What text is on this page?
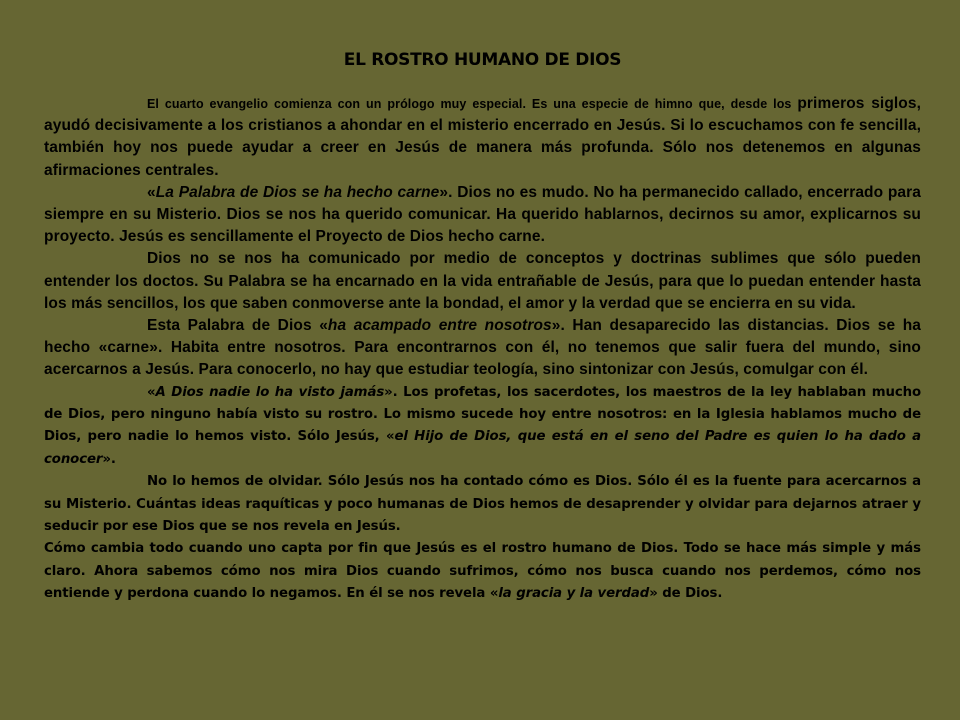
EL ROSTRO HUMANO DE DIOS

El cuarto evangelio comienza con un prólogo muy especial. Es una especie de himno que, desde los primeros siglos, ayudó decisivamente a los cristianos a ahondar en el misterio encerrado en Jesús. Si lo escuchamos con fe sencilla, también hoy nos puede ayudar a creer en Jesús de manera más profunda. Sólo nos detenemos en algunas afirmaciones centrales.

«La Palabra de Dios se ha hecho carne». Dios no es mudo. No ha permanecido callado, encerrado para siempre en su Misterio. Dios se nos ha querido comunicar. Ha querido hablarnos, decirnos su amor, explicarnos su proyecto. Jesús es sencillamente el Proyecto de Dios hecho carne.

Dios no se nos ha comunicado por medio de conceptos y doctrinas sublimes que sólo pueden entender los doctos. Su Palabra se ha encarnado en la vida entrañable de Jesús, para que lo puedan entender hasta los más sencillos, los que saben conmoverse ante la bondad, el amor y la verdad que se encierra en su vida.

Esta Palabra de Dios «ha acampado entre nosotros». Han desaparecido las distancias. Dios se ha hecho «carne». Habita entre nosotros. Para encontrarnos con él, no tenemos que salir fuera del mundo, sino acercarnos a Jesús. Para conocerlo, no hay que estudiar teología, sino sintonizar con Jesús, comulgar con él.

«A Dios nadie lo ha visto jamás». Los profetas, los sacerdotes, los maestros de la ley hablaban mucho de Dios, pero ninguno había visto su rostro. Lo mismo sucede hoy entre nosotros: en la Iglesia hablamos mucho de Dios, pero nadie lo hemos visto. Sólo Jesús, «el Hijo de Dios, que está en el seno del Padre es quien lo ha dado a conocer».

No lo hemos de olvidar. Sólo Jesús nos ha contado cómo es Dios. Sólo él es la fuente para acercarnos a su Misterio. Cuántas ideas raquíticas y poco humanas de Dios hemos de desaprender y olvidar para dejarnos atraer y seducir por ese Dios que se nos revela en Jesús.

Cómo cambia todo cuando uno capta por fin que Jesús es el rostro humano de Dios. Todo se hace más simple y más claro. Ahora sabemos cómo nos mira Dios cuando sufrimos, cómo nos busca cuando nos perdemos, cómo nos entiende y perdona cuando lo negamos. En él se nos revela «la gracia y la verdad» de Dios.
